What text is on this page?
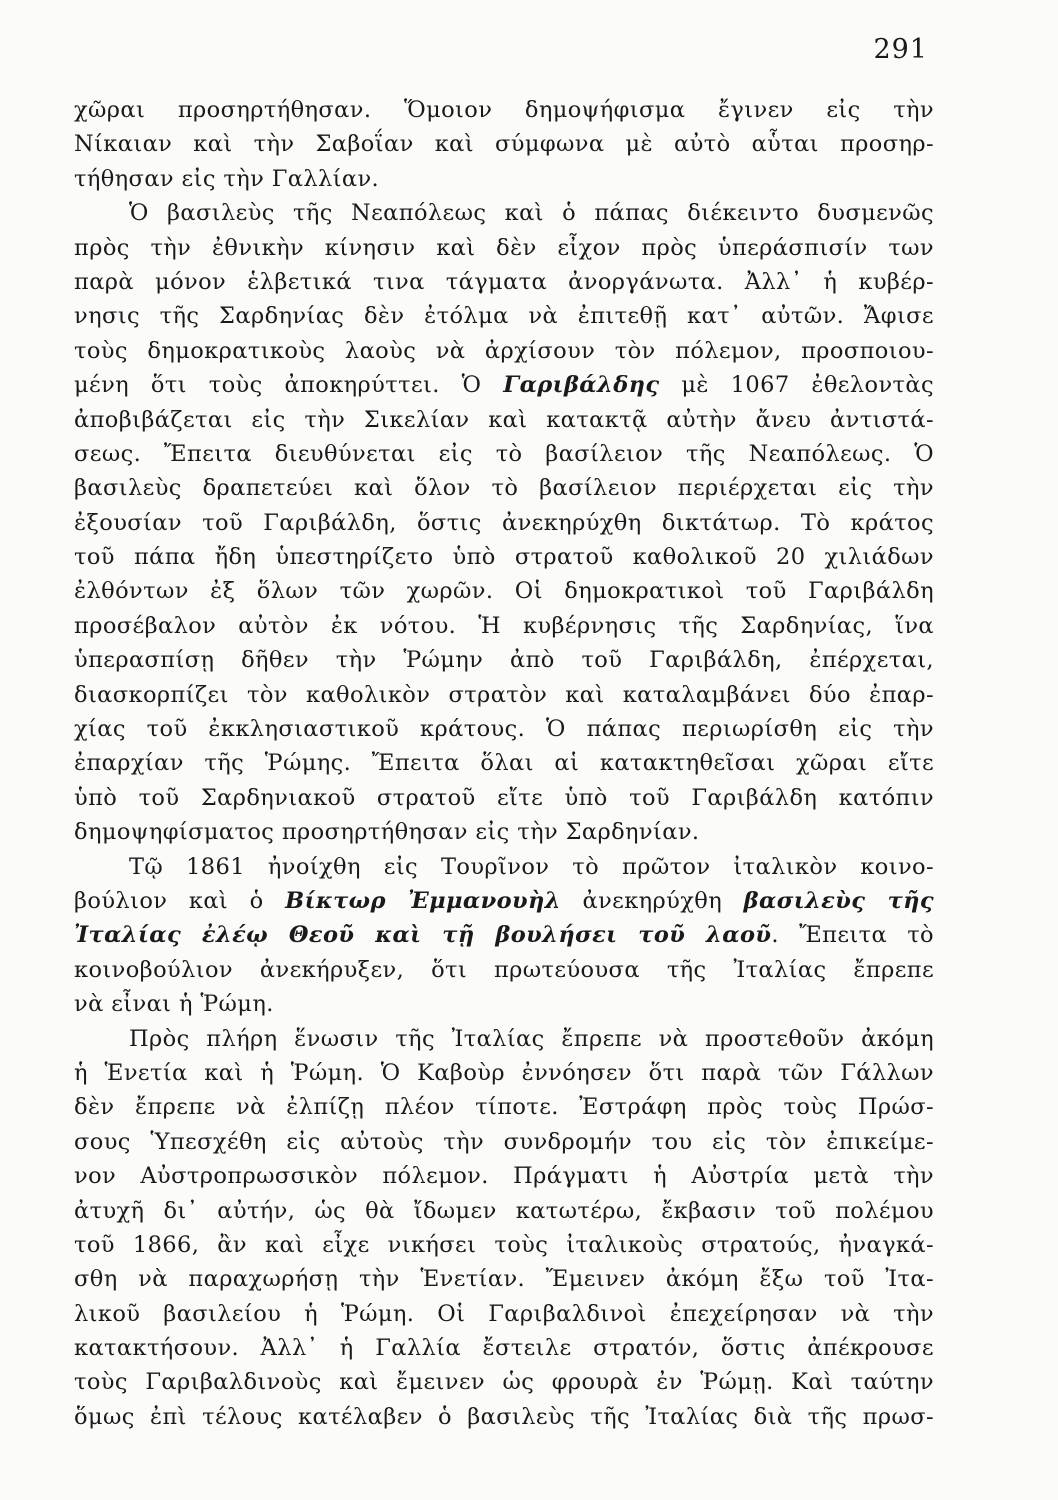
291
χῶραι προσηρτήθησαν. Ὅμοιον δημοψήφισμα ἔγινεν εἰς τὴν
Νίκαιαν καὶ τὴν Σαβοΐαν καὶ σύμφωνα μὲ αὐτὸ αὗται προσηρ-
τήθησαν εἰς τὴν Γαλλίαν.
Ὁ βασιλεὺς τῆς Νεαπόλεως καὶ ὁ πάπας διέκειντο δυσμενῶς
πρὸς τὴν ἐθνικὴν κίνησιν καὶ δὲν εἶχον πρὸς ὑπεράσπισίν των
παρὰ μόνον ἑλβετικά τινα τάγματα ἀνοργάνωτα. Ἀλλ᾿ ἡ κυβέρ-
νησις τῆς Σαρδηνίας δὲν ἐτόλμα νὰ ἐπιτεθῇ κατ᾿ αὐτῶν. Ἄφισε
τοὺς δημοκρατικοὺς λαοὺς νὰ ἀρχίσουν τὸν πόλεμον, προσποιου-
μένη ὅτι τοὺς ἀποκηρύττει. Ὁ Γαριβάλδης μὲ 1067 ἐθελοντὰς
ἀποβιβάζεται εἰς τὴν Σικελίαν καὶ κατακτᾷ αὐτὴν ἄνευ ἀντιστά-
σεως. Ἔπειτα διευθύνεται εἰς τὸ βασίλειον τῆς Νεαπόλεως. Ὁ
βασιλεὺς δραπετεύει καὶ ὅλον τὸ βασίλειον περιέρχεται εἰς τὴν
ἐξουσίαν τοῦ Γαριβάλδη, ὅστις ἀνεκηρύχθη δικτάτωρ. Τὸ κράτος
τοῦ πάπα ἤδη ὑπεστηρίζετο ὑπὸ στρατοῦ καθολικοῦ 20 χιλιάδων
ἐλθόντων ἐξ ὅλων τῶν χωρῶν. Οἱ δημοκρατικοὶ τοῦ Γαριβάλδη
προσέβαλον αὐτὸν ἐκ νότου. Ἡ κυβέρνησις τῆς Σαρδηνίας, ἵνα
ὑπερασπίσῃ δῆθεν τὴν Ῥώμην ἀπὸ τοῦ Γαριβάλδη, ἐπέρχεται,
διασκορπίζει τὸν καθολικὸν στρατὸν καὶ καταλαμβάνει δύο ἐπαρ-
χίας τοῦ ἐκκλησιαστικοῦ κράτους. Ὁ πάπας περιωρίσθη εἰς τὴν
ἐπαρχίαν τῆς Ῥώμης. Ἔπειτα ὅλαι αἱ κατακτηθεῖσαι χῶραι εἴτε
ὑπὸ τοῦ Σαρδηνιακοῦ στρατοῦ εἴτε ὑπὸ τοῦ Γαριβάλδη κατόπιν
δημοψηφίσματος προσηρτήθησαν εἰς τὴν Σαρδηνίαν.
Τῷ 1861 ἠνοίχθη εἰς Τουρῖνον τὸ πρῶτον ἰταλικὸν κοινο-
βούλιον καὶ ὁ Βίκτωρ Ἐμμανουὴλ ἀνεκηρύχθη βασιλεὺς τῆς
Ἰταλίας ἐλέῳ Θεοῦ καὶ τῇ βουλήσει τοῦ λαοῦ. Ἔπειτα τὸ
κοινοβούλιον ἀνεκήρυξεν, ὅτι πρωτεύουσα τῆς Ἰταλίας ἔπρεπε
νὰ εἶναι ἡ Ῥώμη.
Πρὸς πλήρη ἕνωσιν τῆς Ἰταλίας ἔπρεπε νὰ προστεθοῦν ἀκόμη
ἡ Ἑνετία καὶ ἡ Ῥώμη. Ὁ Καβοὺρ ἐννόησεν ὅτι παρὰ τῶν Γάλλων
δὲν ἔπρεπε νὰ ἐλπίζῃ πλέον τίποτε. Ἐστράφη πρὸς τοὺς Πρώσ-
σους Ὑπεσχέθη εἰς αὐτοὺς τὴν συνδρομήν του εἰς τὸν ἐπικείμε-
νον Αὐστροπρωσσικὸν πόλεμον. Πράγματι ἡ Αὐστρία μετὰ τὴν
ἀτυχῆ δι᾿ αὐτήν, ὡς θὰ ἴδωμεν κατωτέρω, ἔκβασιν τοῦ πολέμου
τοῦ 1866, ἂν καὶ εἶχε νικήσει τοὺς ἰταλικοὺς στρατούς, ἠναγκά-
σθη νὰ παραχωρήσῃ τὴν Ἑνετίαν. Ἔμεινεν ἀκόμη ἔξω τοῦ Ἰτα-
λικοῦ βασιλείου ἡ Ῥώμη. Οἱ Γαριβαλδινοὶ ἐπεχείρησαν νὰ τὴν
κατακτήσουν. Ἀλλ᾿ ἡ Γαλλία ἔστειλε στρατόν, ὅστις ἀπέκρουσε
τοὺς Γαριβαλδινοὺς καὶ ἔμεινεν ὡς φρουρὰ ἐν Ῥώμῃ. Καὶ ταύτην
ὅμως ἐπὶ τέλους κατέλαβεν ὁ βασιλεὺς τῆς Ἰταλίας διὰ τῆς πρωσ-
